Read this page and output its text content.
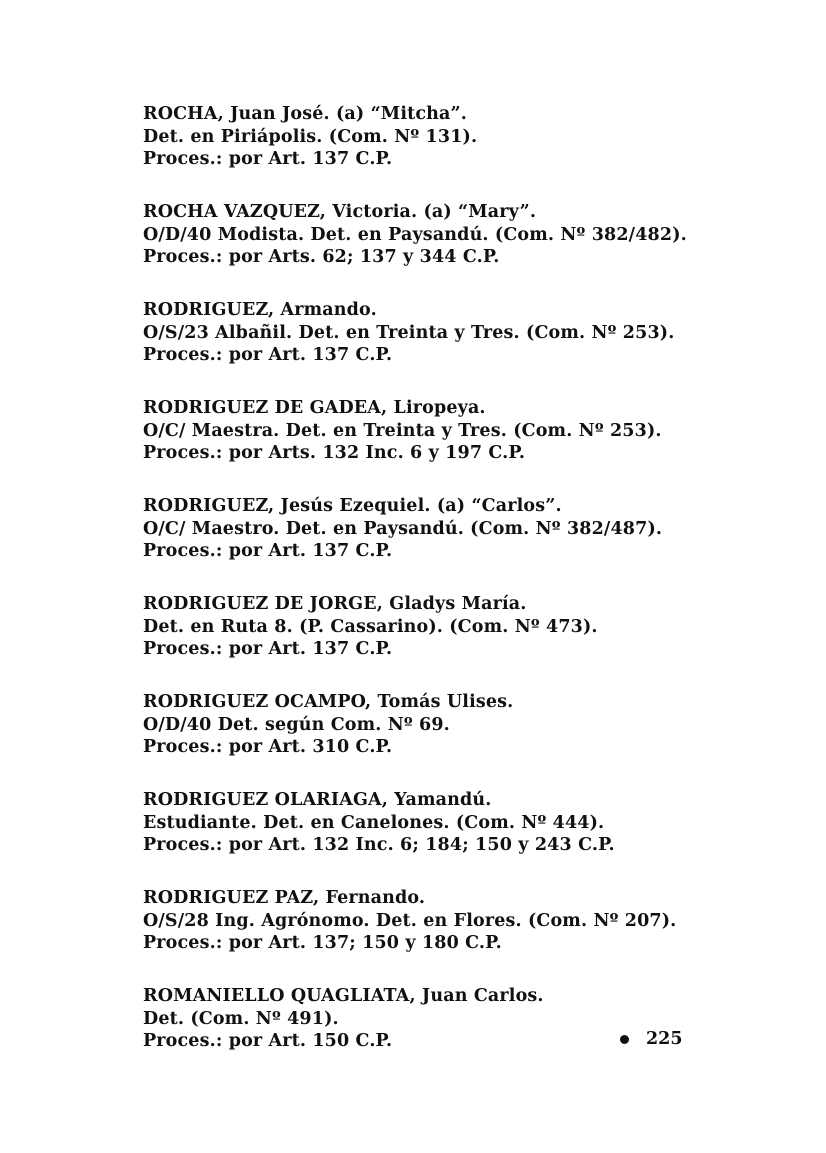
ROCHA, Juan José. (a) “Mitcha”.
Det. en Piriápolis. (Com. Nº 131).
Proces.: por Art. 137 C.P.
ROCHA VAZQUEZ, Victoria. (a) “Mary”.
O/D/40 Modista. Det. en Paysandú. (Com. Nº 382/482).
Proces.: por Arts. 62; 137 y 344 C.P.
RODRIGUEZ, Armando.
O/S/23 Albañil. Det. en Treinta y Tres. (Com. Nº 253).
Proces.: por Art. 137 C.P.
RODRIGUEZ DE GADEA, Liropeya.
O/C/ Maestra. Det. en Treinta y Tres. (Com. Nº 253).
Proces.: por Arts. 132 Inc. 6 y 197 C.P.
RODRIGUEZ, Jesús Ezequiel. (a) “Carlos”.
O/C/ Maestro. Det. en Paysandú. (Com. Nº 382/487).
Proces.: por Art. 137 C.P.
RODRIGUEZ DE JORGE, Gladys María.
Det. en Ruta 8. (P. Cassarino). (Com. Nº 473).
Proces.: por Art. 137 C.P.
RODRIGUEZ OCAMPO, Tomás Ulises.
O/D/40 Det. según Com. Nº 69.
Proces.: por Art. 310 C.P.
RODRIGUEZ OLARIAGA, Yamandú.
Estudiante. Det. en Canelones. (Com. Nº 444).
Proces.: por Art. 132 Inc. 6; 184; 150 y 243 C.P.
RODRIGUEZ PAZ, Fernando.
O/S/28 Ing. Agrónomo. Det. en Flores. (Com. Nº 207).
Proces.: por Art. 137; 150 y 180 C.P.
ROMANIELLO QUAGLIATA, Juan Carlos.
Det. (Com. Nº 491).
Proces.: por Art. 150 C.P.	225
